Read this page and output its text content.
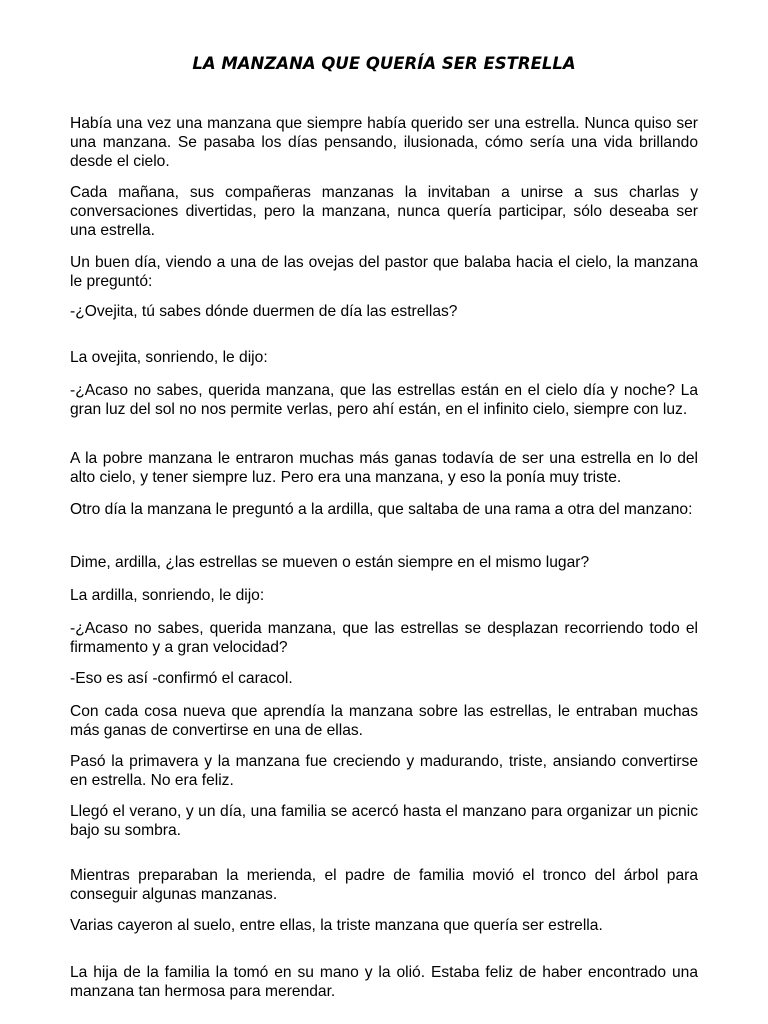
LA MANZANA QUE QUERÍA SER ESTRELLA

Había una vez una manzana que siempre había querido ser una estrella. Nunca quiso ser una manzana. Se pasaba los días pensando, ilusionada, cómo sería una vida brillando desde el cielo.

Cada mañana, sus compañeras manzanas la invitaban a unirse a sus charlas y conversaciones divertidas, pero la manzana, nunca quería participar, sólo deseaba ser una estrella.

Un buen día, viendo a una de las ovejas del pastor que balaba hacia el cielo, la manzana le preguntó:

-¿Ovejita, tú sabes dónde duermen de día las estrellas?

La ovejita, sonriendo, le dijo:

-¿Acaso no sabes, querida manzana, que las estrellas están en el cielo día y noche? La gran luz del sol no nos permite verlas, pero ahí están, en el infinito cielo, siempre con luz.

A la pobre manzana le entraron muchas más ganas todavía de ser una estrella en lo del alto cielo, y tener siempre luz. Pero era una manzana, y eso la ponía muy triste.

Otro día la manzana le preguntó a la ardilla, que saltaba de una rama a otra del manzano:

Dime, ardilla, ¿las estrellas se mueven o están siempre en el mismo lugar?

La ardilla, sonriendo, le dijo:

-¿Acaso no sabes, querida manzana, que las estrellas se desplazan recorriendo todo el firmamento y a gran velocidad?

-Eso es así -confirmó el caracol.

Con cada cosa nueva que aprendía la manzana sobre las estrellas, le entraban muchas más ganas de convertirse en una de ellas.

Pasó la primavera y la manzana fue creciendo y madurando, triste, ansiando convertirse en estrella. No era feliz.

Llegó el verano, y un día, una familia se acercó hasta el manzano para organizar un picnic bajo su sombra.

Mientras preparaban la merienda, el padre de familia movió el tronco del árbol para conseguir algunas manzanas.

Varias cayeron al suelo, entre ellas, la triste manzana que quería ser estrella.

La hija de la familia la tomó en su mano y la olió. Estaba feliz de haber encontrado una manzana tan hermosa para merendar.
